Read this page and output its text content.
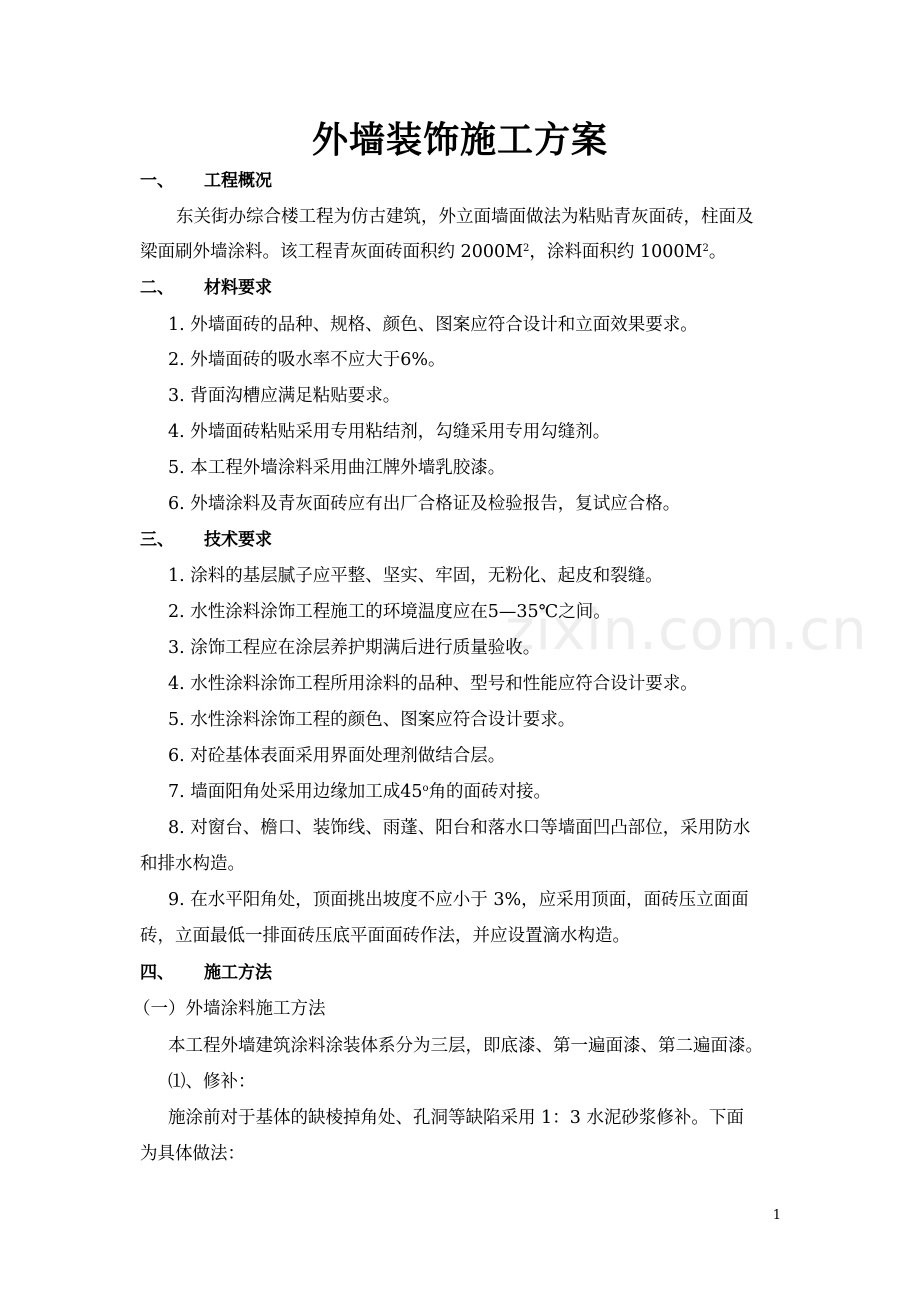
zixin.com.cn
外墙装饰施工方案
一、 工程概况
东关街办综合楼工程为仿古建筑，外立面墙面做法为粘贴青灰面砖，柱面及
梁面刷外墙涂料。该工程青灰面砖面积约 $2000M^2$，涂料面积约 $1000M^2$。
二、 材料要求
1. 外墙面砖的品种、规格、颜色、图案应符合设计和立面效果要求。
2. 外墙面砖的吸水率不应大于6%。
3. 背面沟槽应满足粘贴要求。
4. 外墙面砖粘贴采用专用粘结剂，勾缝采用专用勾缝剂。
5. 本工程外墙涂料采用曲江牌外墙乳胶漆。
6. 外墙涂料及青灰面砖应有出厂合格证及检验报告，复试应合格。
三、 技术要求
1. 涂料的基层腻子应平整、坚实、牢固，无粉化、起皮和裂缝。
2. 水性涂料涂饰工程施工的环境温度应在5—35℃之间。
3. 涂饰工程应在涂层养护期满后进行质量验收。
4. 水性涂料涂饰工程所用涂料的品种、型号和性能应符合设计要求。
5. 水性涂料涂饰工程的颜色、图案应符合设计要求。
6. 对砼基体表面采用界面处理剂做结合层。
7. 墙面阳角处采用边缘加工成45$^o$角的面砖对接。
8. 对窗台、檐口、装饰线、雨蓬、阳台和落水口等墙面凹凸部位，采用防水
和排水构造。
9. 在水平阳角处，顶面挑出坡度不应小于 3%，应采用顶面，面砖压立面面
砖，立面最低一排面砖压底平面面砖作法，并应设置滴水构造。
四、 施工方法
（一）外墙涂料施工方法
本工程外墙建筑涂料涂装体系分为三层，即底漆、第一遍面漆、第二遍面漆。
⑴、修补：
施涂前对于基体的缺棱掉角处、孔洞等缺陷采用 1：3 水泥砂浆修补。下面
为具体做法：
1
